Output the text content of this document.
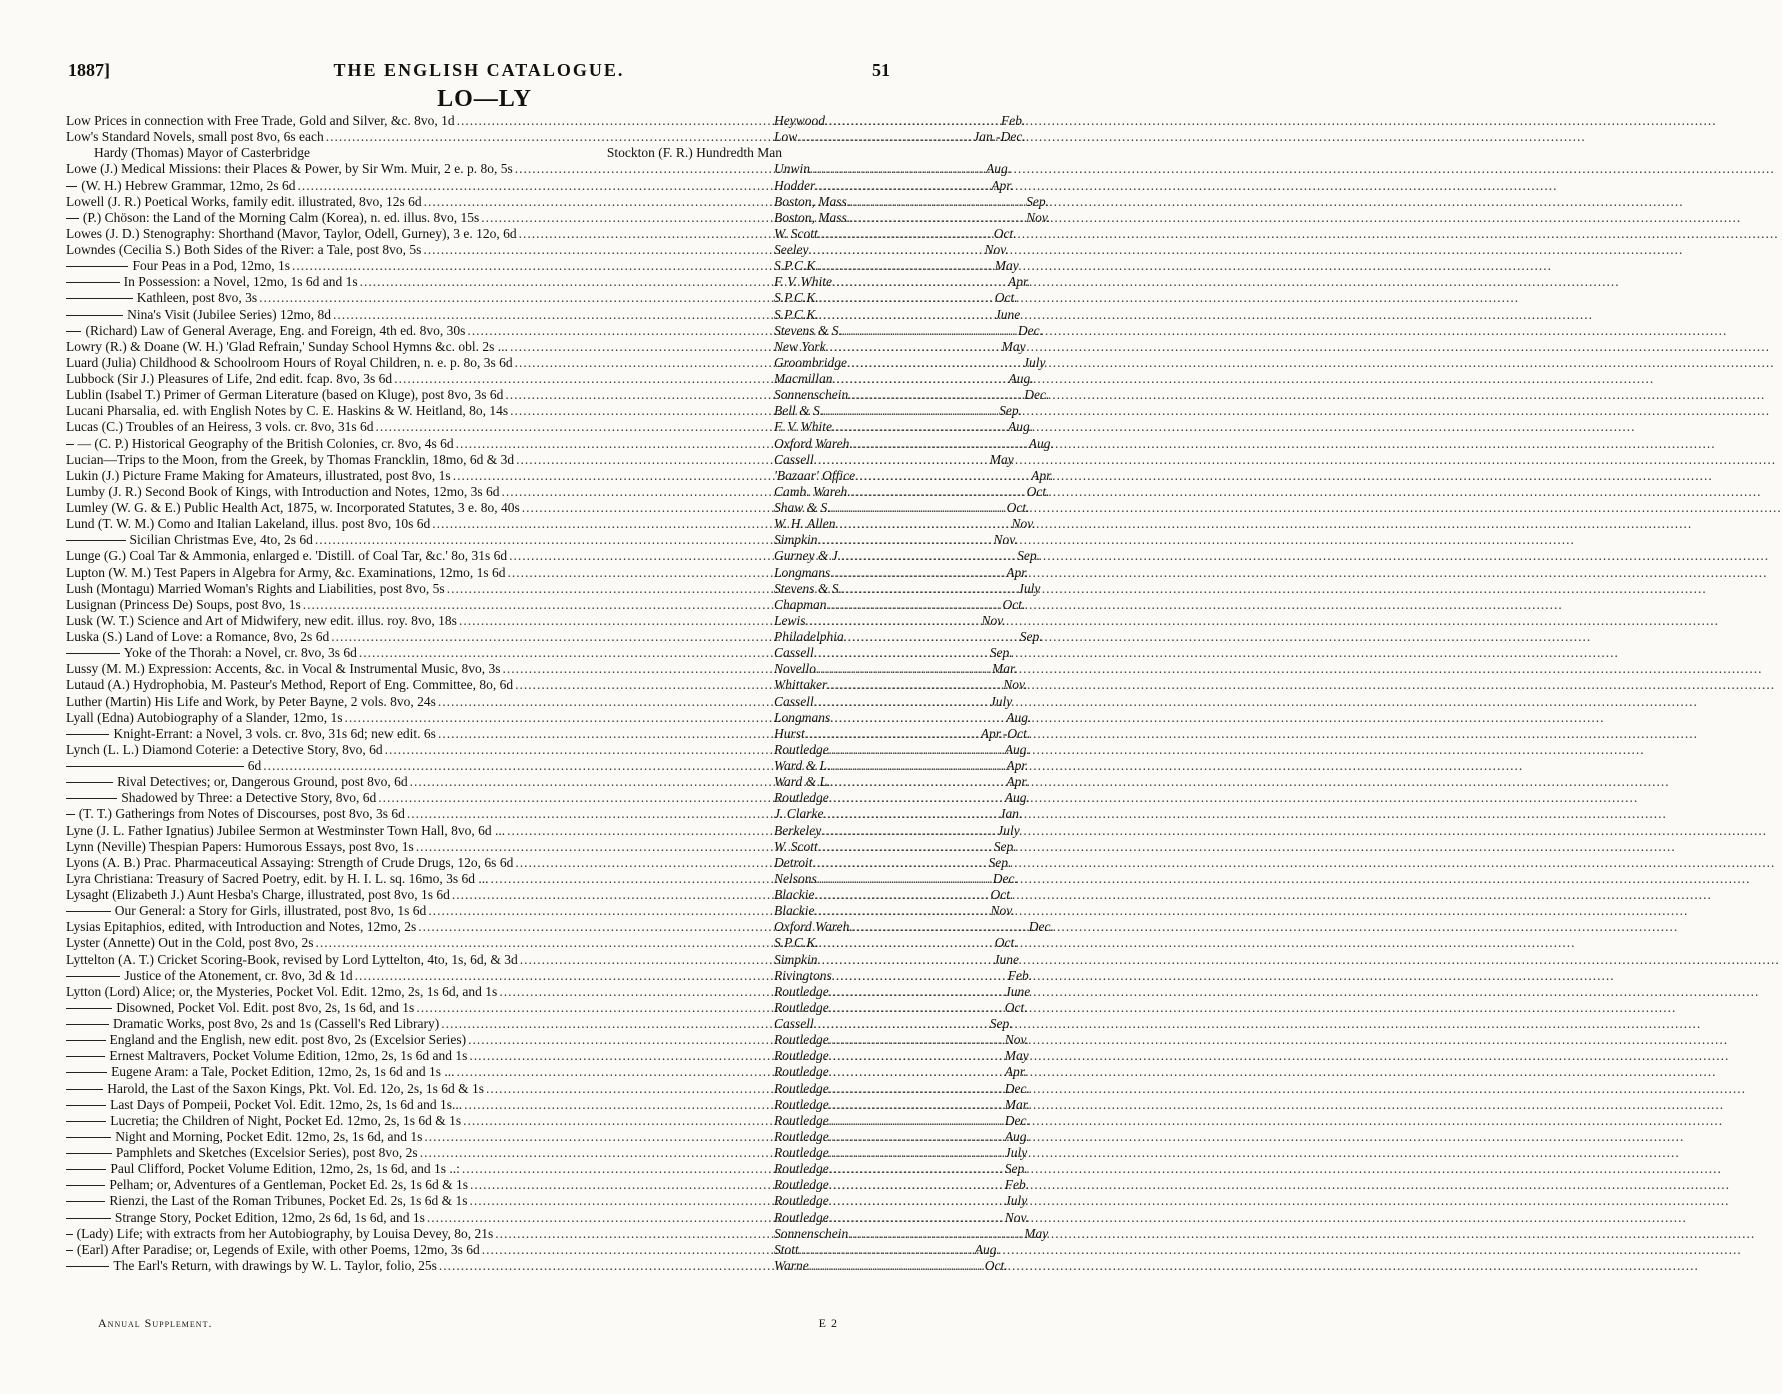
1887]	THE ENGLISH CATALOGUE.	51
LO—LY
Low Prices in connection with Free Trade, Gold and Silver, &c. 8vo, 1d .....	Heywood .....	Feb.
Low's Standard Novels, small post 8vo, 6s each .....	Low .....	Jan.-Dec.
Hardy (Thomas) Mayor of Casterbridge	Stockton (F. R.) Hundredth Man
Lowe (J.) Medical Missions: their Places & Power, by Sir Wm. Muir, 2 e. p. 8o, 5s .....	Unwin .....	Aug.
(W. H.) Hebrew Grammar, 12mo, 2s 6d .....	Hodder .....	Apr.
Lowell (J. R.) Poetical Works, family edit. illustrated, 8vo, 12s 6d .....	Boston, Mass. .....	Sep.
(P.) Chöson: the Land of the Morning Calm (Korea), n. ed. illus. 8vo, 15s .....	Boston, Mass. .....	Nov.
Lowes (J. D.) Stenography: Shorthand (Mavor, Taylor, Odell, Gurney), 3 e. 12o, 6d .....	W. Scott .....	Oct.
Lowndes (Cecilia S.) Both Sides of the River: a Tale, post 8vo, 5s .....	Seeley .....	Nov.
Four Peas in a Pod, 12mo, 1s .....	S.P.C.K. .....	May
In Possession: a Novel, 12mo, 1s 6d and 1s .....	F. V. White .....	Apr.
Kathleen, post 8vo, 3s .....	S.P.C.K. .....	Oct.
Nina's Visit (Jubilee Series) 12mo, 8d .....	S.P.C.K. .....	June
(Richard) Law of General Average, Eng. and Foreign, 4th ed. 8vo, 30s .....	Stevens & S. .....	Dec.
Lowry (R.) & Doane (W. H.) 'Glad Refrain,' Sunday School Hymns &c. obl. 2s ... .....	New York .....	May
Luard (Julia) Childhood & Schoolroom Hours of Royal Children, n. e. p. 8o, 3s 6d .....	Groombridge .....	July
Lubbock (Sir J.) Pleasures of Life, 2nd edit. fcap. 8vo, 3s 6d .....	Macmillan .....	Aug.
Lublin (Isabel T.) Primer of German Literature (based on Kluge), post 8vo, 3s 6d .....	Sonnenschein .....	Dec.
Lucani Pharsalia, ed. with English Notes by C. E. Haskins & W. Heitland, 8o, 14s .....	Bell & S. .....	Sep.
Lucas (C.) Troubles of an Heiress, 3 vols. cr. 8vo, 31s 6d .....	F. V. White .....	Aug.
— (C. P.) Historical Geography of the British Colonies, cr. 8vo, 4s 6d .....	Oxford Wareh. .....	Aug.
Lucian—Trips to the Moon, from the Greek, by Thomas Francklin, 18mo, 6d & 3d .....	Cassell .....	May
Lukin (J.) Picture Frame Making for Amateurs, illustrated, post 8vo, 1s .....	'Bazaar' Office .....	Apr.
Lumby (J. R.) Second Book of Kings, with Introduction and Notes, 12mo, 3s 6d .....	Camb. Wareh. .....	Oct.
Lumley (W. G. & E.) Public Health Act, 1875, w. Incorporated Statutes, 3 e. 8o, 40s .....	Shaw & S. .....	Oct.
Lund (T. W. M.) Como and Italian Lakeland, illus. post 8vo, 10s 6d .....	W. H. Allen .....	Nov.
Sicilian Christmas Eve, 4to, 2s 6d .....	Simpkin .....	Nov.
Lunge (G.) Coal Tar & Ammonia, enlarged e. 'Distill. of Coal Tar, &c.' 8o, 31s 6d .....	Gurney & J. .....	Sep.
Lupton (W. M.) Test Papers in Algebra for Army, &c. Examinations, 12mo, 1s 6d .....	Longmans .....	Apr.
Lush (Montagu) Married Woman's Rights and Liabilities, post 8vo, 5s .....	Stevens & S. .....	July
Lusignan (Princess De) Soups, post 8vo, 1s .....	Chapman .....	Oct.
Lusk (W. T.) Science and Art of Midwifery, new edit. illus. roy. 8vo, 18s .....	Lewis .....	Nov.
Luska (S.) Land of Love: a Romance, 8vo, 2s 6d .....	Philadelphia .....	Sep.
Yoke of the Thorah: a Novel, cr. 8vo, 3s 6d .....	Cassell .....	Sep.
Lussy (M. M.) Expression: Accents, &c. in Vocal & Instrumental Music, 8vo, 3s .....	Novello .....	Mar.
Lutaud (A.) Hydrophobia, M. Pasteur's Method, Report of Eng. Committee, 8o, 6d .....	Whittaker .....	Nov.
Luther (Martin) His Life and Work, by Peter Bayne, 2 vols. 8vo, 24s .....	Cassell .....	July
Lyall (Edna) Autobiography of a Slander, 12mo, 1s .....	Longmans .....	Aug.
Knight-Errant: a Novel, 3 vols. cr. 8vo, 31s 6d; new edit. 6s .....	Hurst .....	Apr.-Oct.
Lynch (L. L.) Diamond Coterie: a Detective Story, 8vo, 6d .....	Routledge .....	Aug.
6d .....	Ward & L. .....	Apr.
Rival Detectives; or, Dangerous Ground, post 8vo, 6d .....	Ward & L. .....	Apr.
Shadowed by Three: a Detective Story, 8vo, 6d .....	Routledge .....	Aug.
(T. T.) Gatherings from Notes of Discourses, post 8vo, 3s 6d .....	J. Clarke .....	Jan.
Lyne (J. L. Father Ignatius) Jubilee Sermon at Westminster Town Hall, 8vo, 6d ... .....	Berkeley .....	July
Lynn (Neville) Thespian Papers: Humorous Essays, post 8vo, 1s .....	W. Scott .....	Sep.
Lyons (A. B.) Prac. Pharmaceutical Assaying: Strength of Crude Drugs, 12o, 6s 6d .....	Detroit .....	Sep.
Lyra Christiana: Treasury of Sacred Poetry, edit. by H. I. L. sq. 16mo, 3s 6d ... .....	Nelsons .....	Dec.
Lysaght (Elizabeth J.) Aunt Hesba's Charge, illustrated, post 8vo, 1s 6d .....	Blackie .....	Oct.
Our General: a Story for Girls, illustrated, post 8vo, 1s 6d .....	Blackie .....	Nov.
Lysias Epitaphios, edited, with Introduction and Notes, 12mo, 2s .....	Oxford Wareh. .....	Dec.
Lyster (Annette) Out in the Cold, post 8vo, 2s .....	S.P.C.K. .....	Oct.
Lyttelton (A. T.) Cricket Scoring-Book, revised by Lord Lyttelton, 4to, 1s, 6d, & 3d .....	Simpkin .....	June
Justice of the Atonement, cr. 8vo, 3d & 1d .....	Rivingtons .....	Feb.
Lytton (Lord) Alice; or, the Mysteries, Pocket Vol. Edit. 12mo, 2s, 1s 6d, and 1s .....	Routledge .....	June
Disowned, Pocket Vol. Edit. post 8vo, 2s, 1s 6d, and 1s .....	Routledge .....	Oct.
Dramatic Works, post 8vo, 2s and 1s (Cassell's Red Library) .....	Cassell .....	Sep.
England and the English, new edit. post 8vo, 2s (Excelsior Series) .....	Routledge .....	Nov.
Ernest Maltravers, Pocket Volume Edition, 12mo, 2s, 1s 6d and 1s .....	Routledge .....	May
Eugene Aram: a Tale, Pocket Edition, 12mo, 2s, 1s 6d and 1s ... .....	Routledge .....	Apr.
Harold, the Last of the Saxon Kings, Pkt. Vol. Ed. 12o, 2s, 1s 6d & 1s .....	Routledge .....	Dec.
Last Days of Pompeii, Pocket Vol. Edit. 12mo, 2s, 1s 6d and 1s... .....	Routledge .....	Mar.
Lucretia; the Children of Night, Pocket Ed. 12mo, 2s, 1s 6d & 1s .....	Routledge .....	Dec.
Night and Morning, Pocket Edit. 12mo, 2s, 1s 6d, and 1s .....	Routledge .....	Aug.
Pamphlets and Sketches (Excelsior Series), post 8vo, 2s .....	Routledge .....	July
Paul Clifford, Pocket Volume Edition, 12mo, 2s, 1s 6d, and 1s ..: .....	Routledge .....	Sep.
Pelham; or, Adventures of a Gentleman, Pocket Ed. 2s, 1s 6d & 1s .....	Routledge .....	Feb.
Rienzi, the Last of the Roman Tribunes, Pocket Ed. 2s, 1s 6d & 1s .....	Routledge .....	July
Strange Story, Pocket Edition, 12mo, 2s 6d, 1s 6d, and 1s .....	Routledge .....	Nov.
(Lady) Life; with extracts from her Autobiography, by Louisa Devey, 8o, 21s .....	Sonnenschein .....	May
(Earl) After Paradise; or, Legends of Exile, with other Poems, 12mo, 3s 6d .....	Stott .....	Aug.
The Earl's Return, with drawings by W. L. Taylor, folio, 25s .....	Warne .....	Oct.
Annual Supplement.	E 2
